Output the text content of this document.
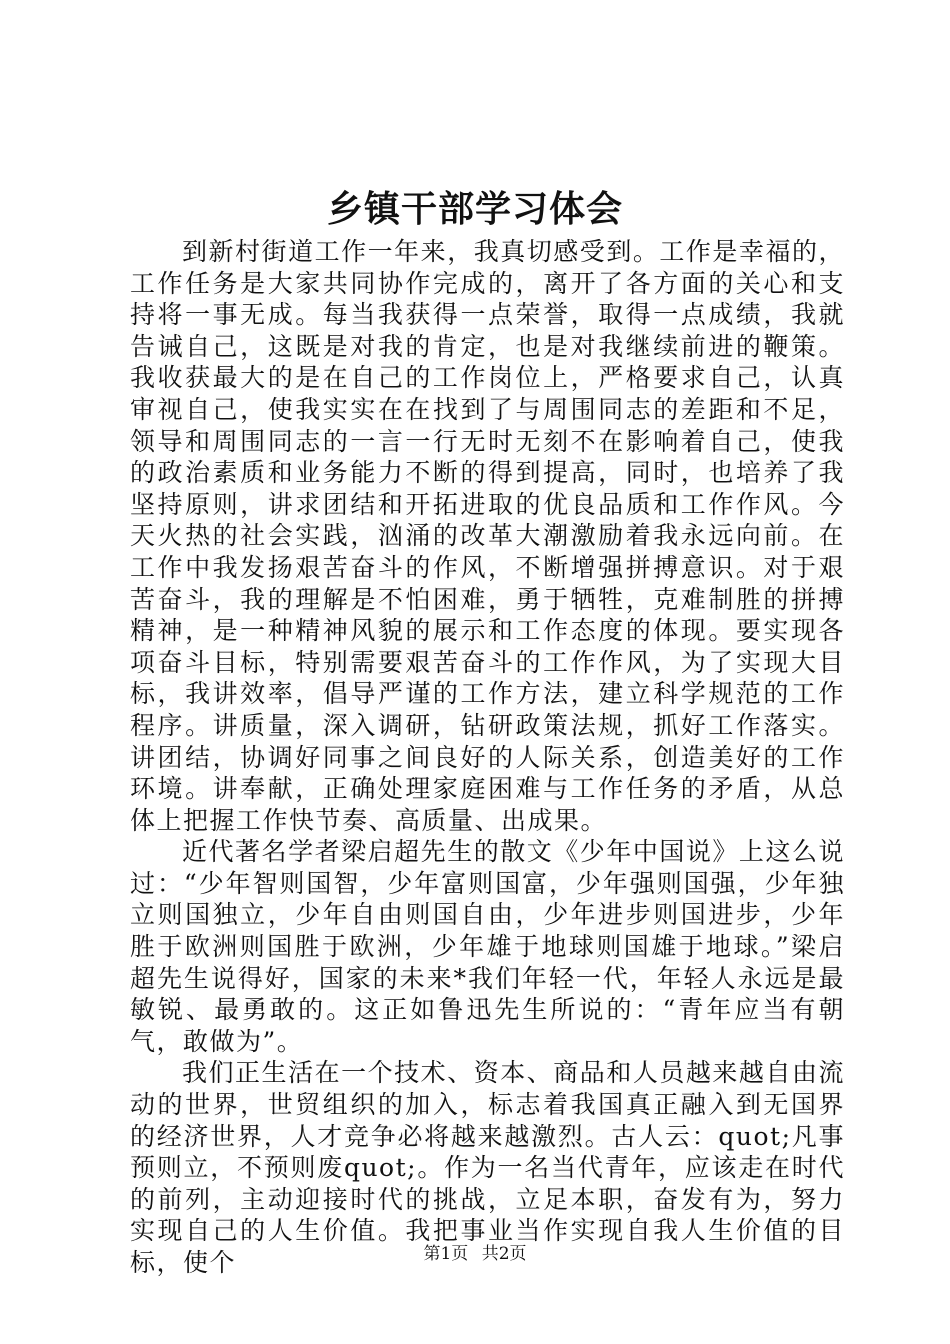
乡镇干部学习体会

到新村街道工作一年来，我真切感受到。工作是幸福的，工作任务是大家共同协作完成的，离开了各方面的关心和支持将一事无成。每当我获得一点荣誉，取得一点成绩，我就告诫自己，这既是对我的肯定，也是对我继续前进的鞭策。我收获最大的是在自己的工作岗位上，严格要求自己，认真审视自己，使我实实在在找到了与周围同志的差距和不足，领导和周围同志的一言一行无时无刻不在影响着自己，使我的政治素质和业务能力不断的得到提高，同时，也培养了我坚持原则，讲求团结和开拓进取的优良品质和工作作风。今天火热的社会实践，汹涌的改革大潮激励着我永远向前。在工作中我发扬艰苦奋斗的作风，不断增强拼搏意识。对于艰苦奋斗，我的理解是不怕困难，勇于牺牲，克难制胜的拼搏精神，是一种精神风貌的展示和工作态度的体现。要实现各项奋斗目标，特别需要艰苦奋斗的工作作风，为了实现大目标，我讲效率，倡导严谨的工作方法，建立科学规范的工作程序。讲质量，深入调研，钻研政策法规，抓好工作落实。讲团结，协调好同事之间良好的人际关系，创造美好的工作环境。讲奉献，正确处理家庭困难与工作任务的矛盾，从总体上把握工作快节奏、高质量、出成果。

近代著名学者梁启超先生的散文《少年中国说》上这么说过：“少年智则国智，少年富则国富，少年强则国强，少年独立则国独立，少年自由则国自由，少年进步则国进步，少年胜于欧洲则国胜于欧洲，少年雄于地球则国雄于地球。”梁启超先生说得好，国家的未来*我们年轻一代，年轻人永远是最敏锐、最勇敢的。这正如鲁迅先生所说的：“青年应当有朝气，敢做为”。

我们正生活在一个技术、资本、商品和人员越来越自由流动的世界，世贸组织的加入，标志着我国真正融入到无国界的经济世界，人才竞争必将越来越激烈。古人云：quot;凡事预则立，不预则废quot;。作为一名当代青年，应该走在时代的前列，主动迎接时代的挑战，立足本职，奋发有为，努力实现自己的人生价值。我把事业当作实现自我人生价值的目标，使个	第1页 共2页
